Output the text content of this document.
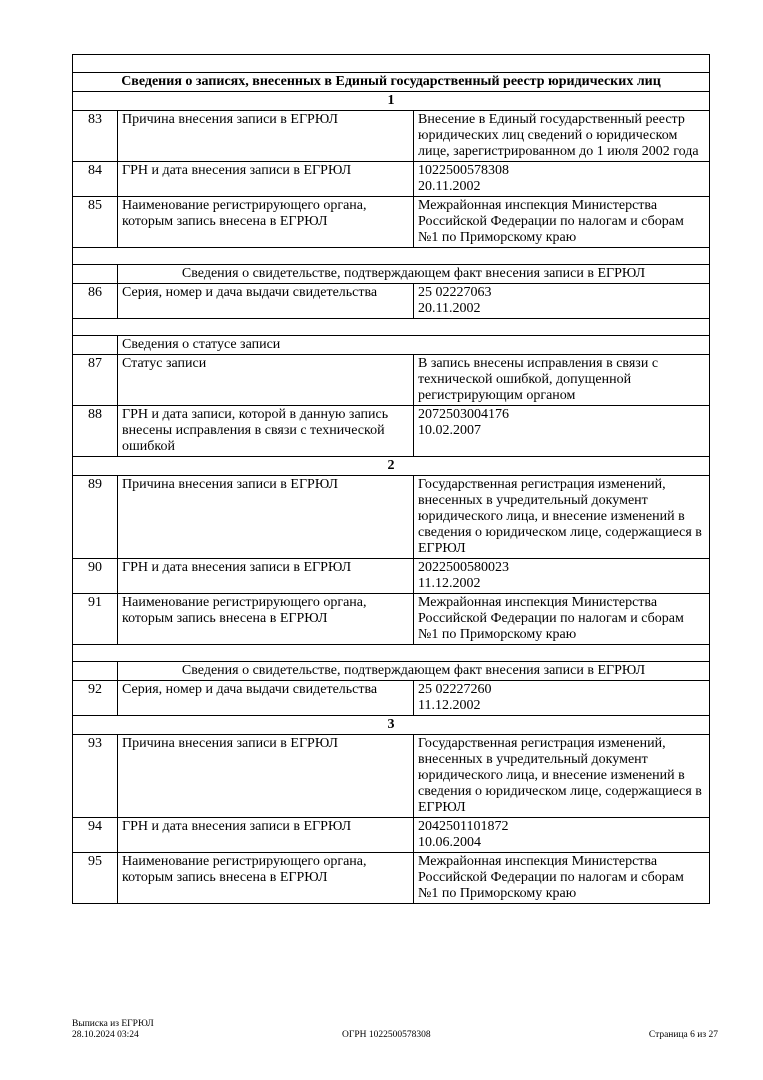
Сведения о записях, внесенных в Единый государственный реестр юридических лиц		
1		
83	Причина внесения записи в ЕГРЮЛ	Внесение в Единый государственный реестр юридических лиц сведений о юридическом лице, зарегистрированном до 1 июля 2002 года
84	ГРН и дата внесения записи в ЕГРЮЛ	1022500578308
20.11.2002
85	Наименование регистрирующего органа, которым запись внесена в ЕГРЮЛ	Межрайонная инспекция Министерства Российской Федерации по налогам и сборам №1 по Приморскому краю

	Сведения о свидетельстве, подтверждающем факт внесения записи в ЕГРЮЛ	
86	Серия, номер и дача выдачи свидетельства	25 02227063
20.11.2002

	Сведения о статусе записи	
87	Статус записи	В запись внесены исправления в связи с технической ошибкой, допущенной регистрирующим органом
88	ГРН и дата записи, которой в данную запись внесены исправления в связи с технической ошибкой	2072503004176
10.02.2007
2		
89	Причина внесения записи в ЕГРЮЛ	Государственная регистрация изменений, внесенных в учредительный документ юридического лица, и внесение изменений в сведения о юридическом лице, содержащиеся в ЕГРЮЛ
90	ГРН и дата внесения записи в ЕГРЮЛ	2022500580023
11.12.2002
91	Наименование регистрирующего органа, которым запись внесена в ЕГРЮЛ	Межрайонная инспекция Министерства Российской Федерации по налогам и сборам №1 по Приморскому краю

	Сведения о свидетельстве, подтверждающем факт внесения записи в ЕГРЮЛ	
92	Серия, номер и дача выдачи свидетельства	25 02227260
11.12.2002
3		
93	Причина внесения записи в ЕГРЮЛ	Государственная регистрация изменений, внесенных в учредительный документ юридического лица, и внесение изменений в сведения о юридическом лице, содержащиеся в ЕГРЮЛ
94	ГРН и дата внесения записи в ЕГРЮЛ	2042501101872
10.06.2004
95	Наименование регистрирующего органа, которым запись внесена в ЕГРЮЛ	Межрайонная инспекция Министерства Российской Федерации по налогам и сборам №1 по Приморскому краю
Выписка из ЕГРЮЛ
28.10.2024 03:24	ОГРН 1022500578308	Страница 6 из 27
